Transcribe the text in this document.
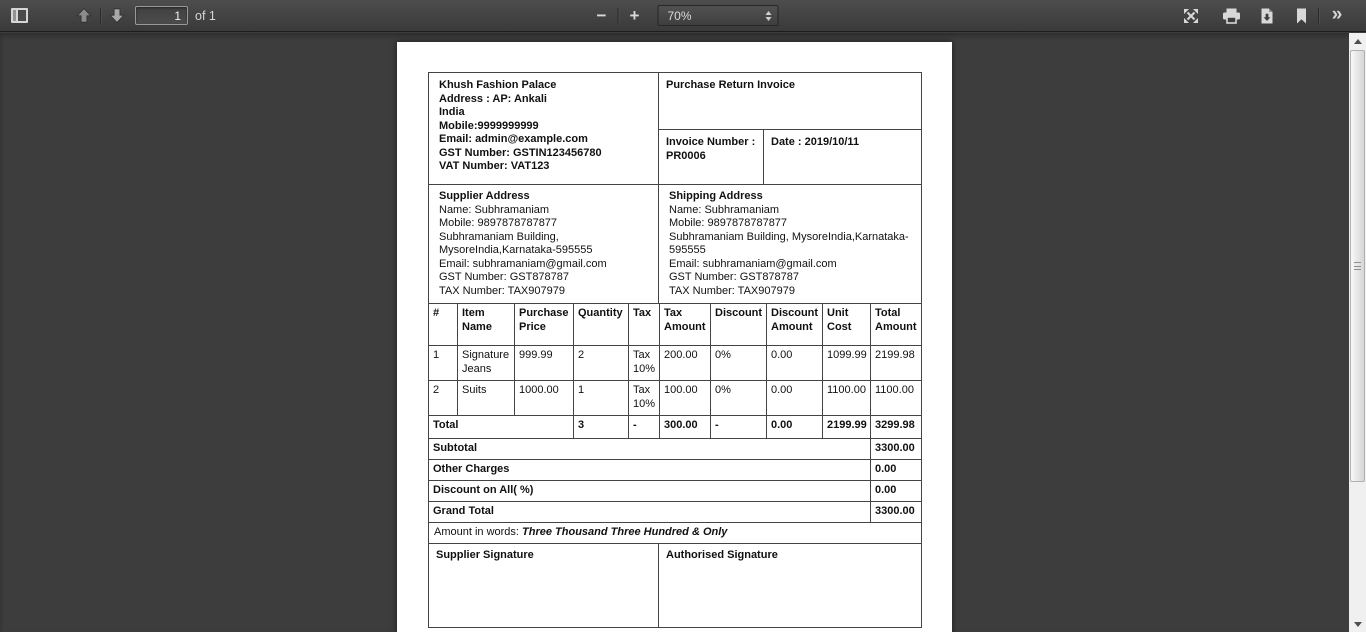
1
of 1	−	+	70%	»
Khush Fashion Palace
Address : AP: Ankali
India
Mobile:9999999999
Email: admin@example.com
GST Number: GSTIN123456780
VAT Number: VAT123
	Purchase Return Invoice

	Invoice Number :
PR0006	Date : 2019/10/11
Supplier Address
Name: Subhramaniam
Mobile: 9897878787877
Subhramaniam Building, MysoreIndia,Karnataka-595555
Email: subhramaniam@gmail.com
GST Number: GST878787
TAX Number: TAX907979

Shipping Address
Name: Subhramaniam
Mobile: 9897878787877
Subhramaniam Building, MysoreIndia,Karnataka-595555
Email: subhramaniam@gmail.com
GST Number: GST878787
TAX Number: TAX907979
#	Item Name	Purchase Price	Quantity	Tax	Tax Amount	Discount	Discount Amount	Unit Cost	Total Amount
1	Signature Jeans	999.99	2	Tax 10%	200.00	0%	0.00	1099.99	2199.98
2	Suits	1000.00	1	Tax 10%	100.00	0%	0.00	1100.00	1100.00
Total			3	-	300.00	-	0.00	2199.99	3299.98
Subtotal	3300.00
Other Charges	0.00
Discount on All( %)	0.00
Grand Total	3300.00
Amount in words: Three Thousand Three Hundred & Only
Supplier Signature	Authorised Signature
